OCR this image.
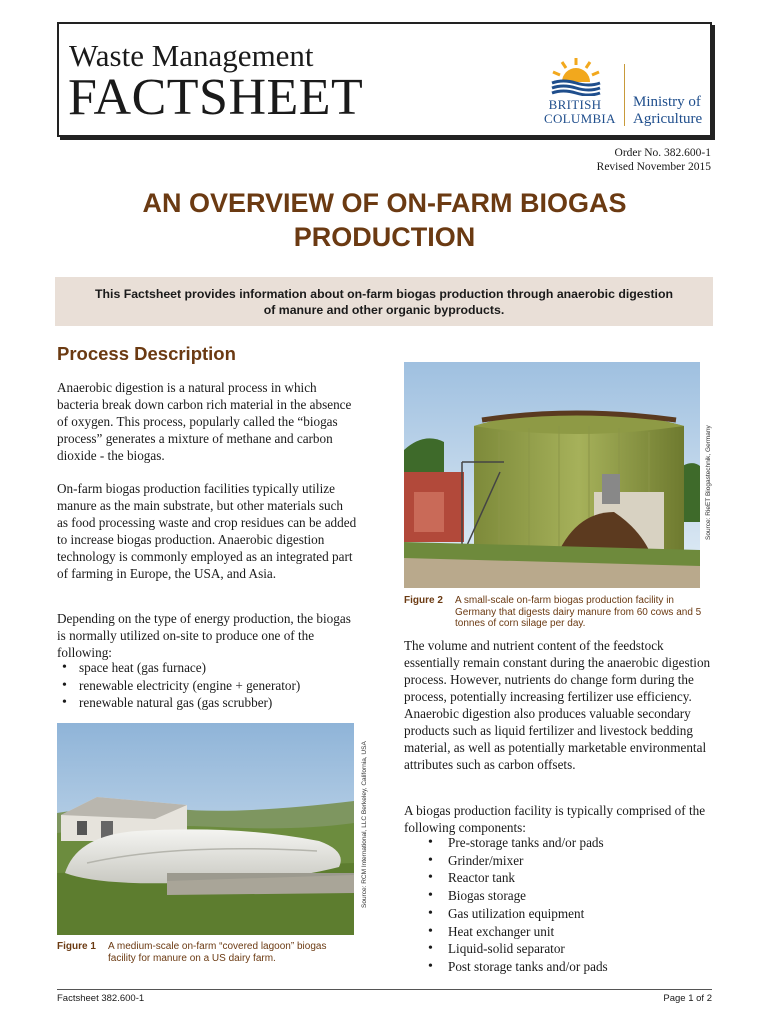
Waste Management
FACTSHEET	BRITISH COLUMBIA
Ministry of
Agriculture
Order No. 382.600-1
Revised November 2015
AN OVERVIEW OF ON-FARM BIOGAS
PRODUCTION
This Factsheet provides information about on-farm biogas production through anaerobic digestion
of manure and other organic byproducts.
Process Description

Anaerobic digestion is a natural process in which bacteria break down carbon rich material in the absence of oxygen. This process, popularly called the “biogas process” generates a mixture of methane and carbon dioxide - the biogas.

On-farm biogas production facilities typically utilize manure as the main substrate, but other materials such as food processing waste and crop residues can be added to increase biogas production. Anaerobic digestion technology is commonly employed as an integrated part of farming in Europe, the USA, and Asia.

Depending on the type of energy production, the biogas is normally utilized on-site to produce one of the following:

• space heat (gas furnace)
• renewable electricity (engine + generator)
• renewable natural gas (gas scrubber)
Source: RCM International, LLC Berkeley, California, USA
Figure 1 A medium-scale on-farm “covered lagoon” biogas facility for manure on a US dairy farm.
Source: RieET Biogastechnik, Germany
Figure 2 A small-scale on-farm biogas production facility in Germany that digests dairy manure from 60 cows and 5 tonnes of corn silage per day.

The volume and nutrient content of the feedstock essentially remain constant during the anaerobic digestion process. However, nutrients do change form during the process, potentially increasing fertilizer use efficiency. Anaerobic digestion also produces valuable secondary products such as liquid fertilizer and livestock bedding material, as well as potentially marketable environmental attributes such as carbon offsets.

A biogas production facility is typically comprised of the following components:

• Pre-storage tanks and/or pads
• Grinder/mixer
• Reactor tank
• Biogas storage
• Gas utilization equipment
• Heat exchanger unit
• Liquid-solid separator
• Post storage tanks and/or pads
Factsheet 382.600-1	Page 1 of 2
